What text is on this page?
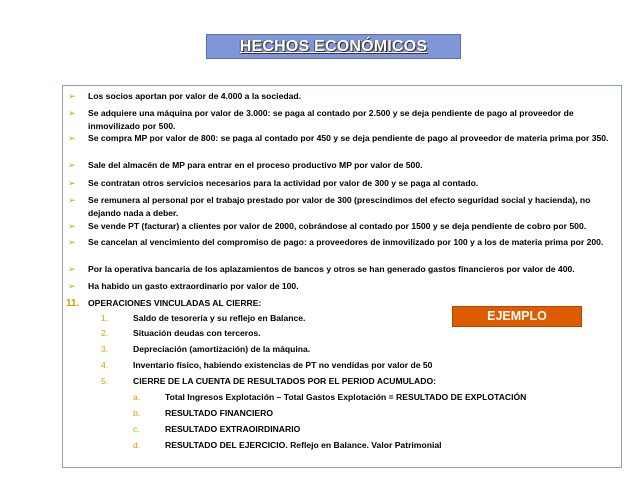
HECHOS ECONÓMICOS
➢ Los socios aportan por valor de 4.000 a la sociedad.
➢ Se adquiere una máquina por valor de 3.000: se paga al contado por 2.500 y se deja pendiente de pago al proveedor de inmovilizado por 500.
➢ Se compra MP por valor de 800: se paga al contado por 450 y se deja pendiente de pago al proveedor de materia prima por 350.
➢ Sale del almacén de MP para entrar en el proceso productivo MP por valor de 500.
➢ Se contratan otros servicios necesarios para la actividad por valor de 300 y se paga al contado.
➢ Se remunera al personal por el trabajo prestado por valor de 300 (prescindimos del efecto seguridad social y hacienda), no dejando nada a deber.
➢ Se vende PT (facturar) a clientes por valor de 2000, cobrándose al contado por 1500 y se deja pendiente de cobro por 500.
➢ Se cancelan al vencimiento del compromiso de pago: a proveedores de inmovilizado por 100 y a los de materia prima por 200.
➢ Por la operativa bancaria de los aplazamientos de bancos y otros se han generado gastos financieros por valor de 400.
➢ Ha habido un gasto extraordinario por valor de 100.
11. OPERACIONES VINCULADAS AL CIERRE:
1.	Saldo de tesorería y su reflejo en Balance.
2.	Situación deudas con terceros.
3.	Depreciación (amortización) de la máquina.
4.	Inventario físico, habiendo existencias de PT no vendidas por valor de 50
5.	CIERRE DE LA CUENTA DE RESULTADOS POR EL PERIOD ACUMULADO:
a.	Total Ingresos Explotación – Total Gastos Explotación = RESULTADO DE EXPLOTACIÓN
b.	RESULTADO FINANCIERO
c.	RESULTADO EXTRAOIRDINARIO
d.	RESULTADO DEL EJERCICIO. Reflejo en Balance. Valor Patrimonial
EJEMPLO
